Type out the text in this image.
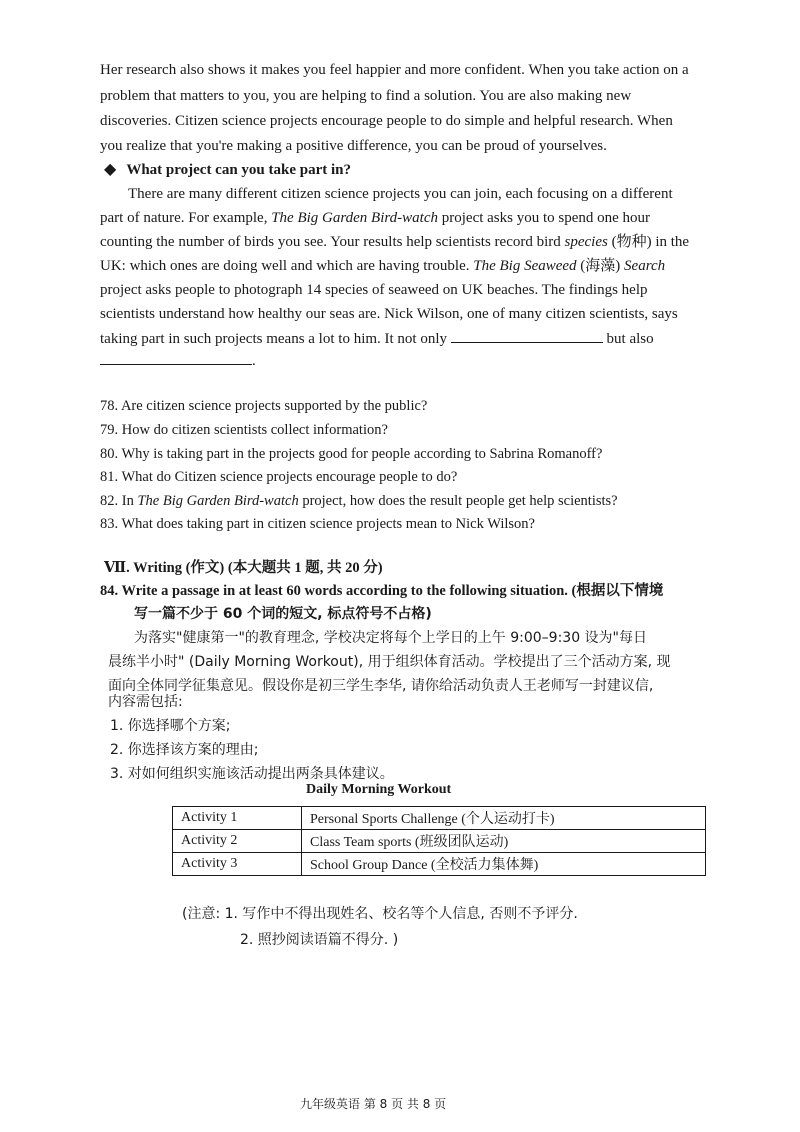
Her research also shows it makes you feel happier and more confident. When you take action on a
problem that matters to you, you are helping to find a solution. You are also making new
discoveries. Citizen science projects encourage people to do simple and helpful research. When
you realize that you're making a positive difference, you can be proud of yourselves.
◆ What project can you take part in?
There are many different citizen science projects you can join, each focusing on a different
part of nature. For example, The Big Garden Bird-watch project asks you to spend one hour
counting the number of birds you see. Your results help scientists record bird species (物种) in the
UK: which ones are doing well and which are having trouble. The Big Seaweed (海藻) Search
project asks people to photograph 14 species of seaweed on UK beaches. The findings help
scientists understand how healthy our seas are. Nick Wilson, one of many citizen scientists, says
taking part in such projects means a lot to him. It not only	but also
.
78. Are citizen science projects supported by the public?
79. How do citizen scientists collect information?
80. Why is taking part in the projects good for people according to Sabrina Romanoff?
81. What do Citizen science projects encourage people to do?
82. In The Big Garden Bird-watch project, how does the result people get help scientists?
83. What does taking part in citizen science projects mean to Nick Wilson?
Ⅶ. Writing (作文) (本大题共 1 题, 共 20 分)
84. Write a passage in at least 60 words according to the following situation. (根据以下情境
写一篇不少于 60 个词的短文, 标点符号不占格)
为落实"健康第一"的教育理念, 学校决定将每个上学日的上午 9:00–9:30 设为"每日
晨练半小时" (Daily Morning Workout), 用于组织体育活动。学校提出了三个活动方案, 现
面向全体同学征集意见。假设你是初三学生李华, 请你给活动负责人王老师写一封建议信,
内容需包括:
1. 你选择哪个方案;
2. 你选择该方案的理由;
3. 对如何组织实施该活动提出两条具体建议。
Daily Morning Workout
Activity 1	Personal Sports Challenge (个人运动打卡)
Activity 2	Class Team sports (班级团队运动)
Activity 3	School Group Dance (全校活力集体舞)
(注意: 1. 写作中不得出现姓名、校名等个人信息, 否则不予评分.
2. 照抄阅读语篇不得分. )
九年级英语 第 8 页 共 8 页
